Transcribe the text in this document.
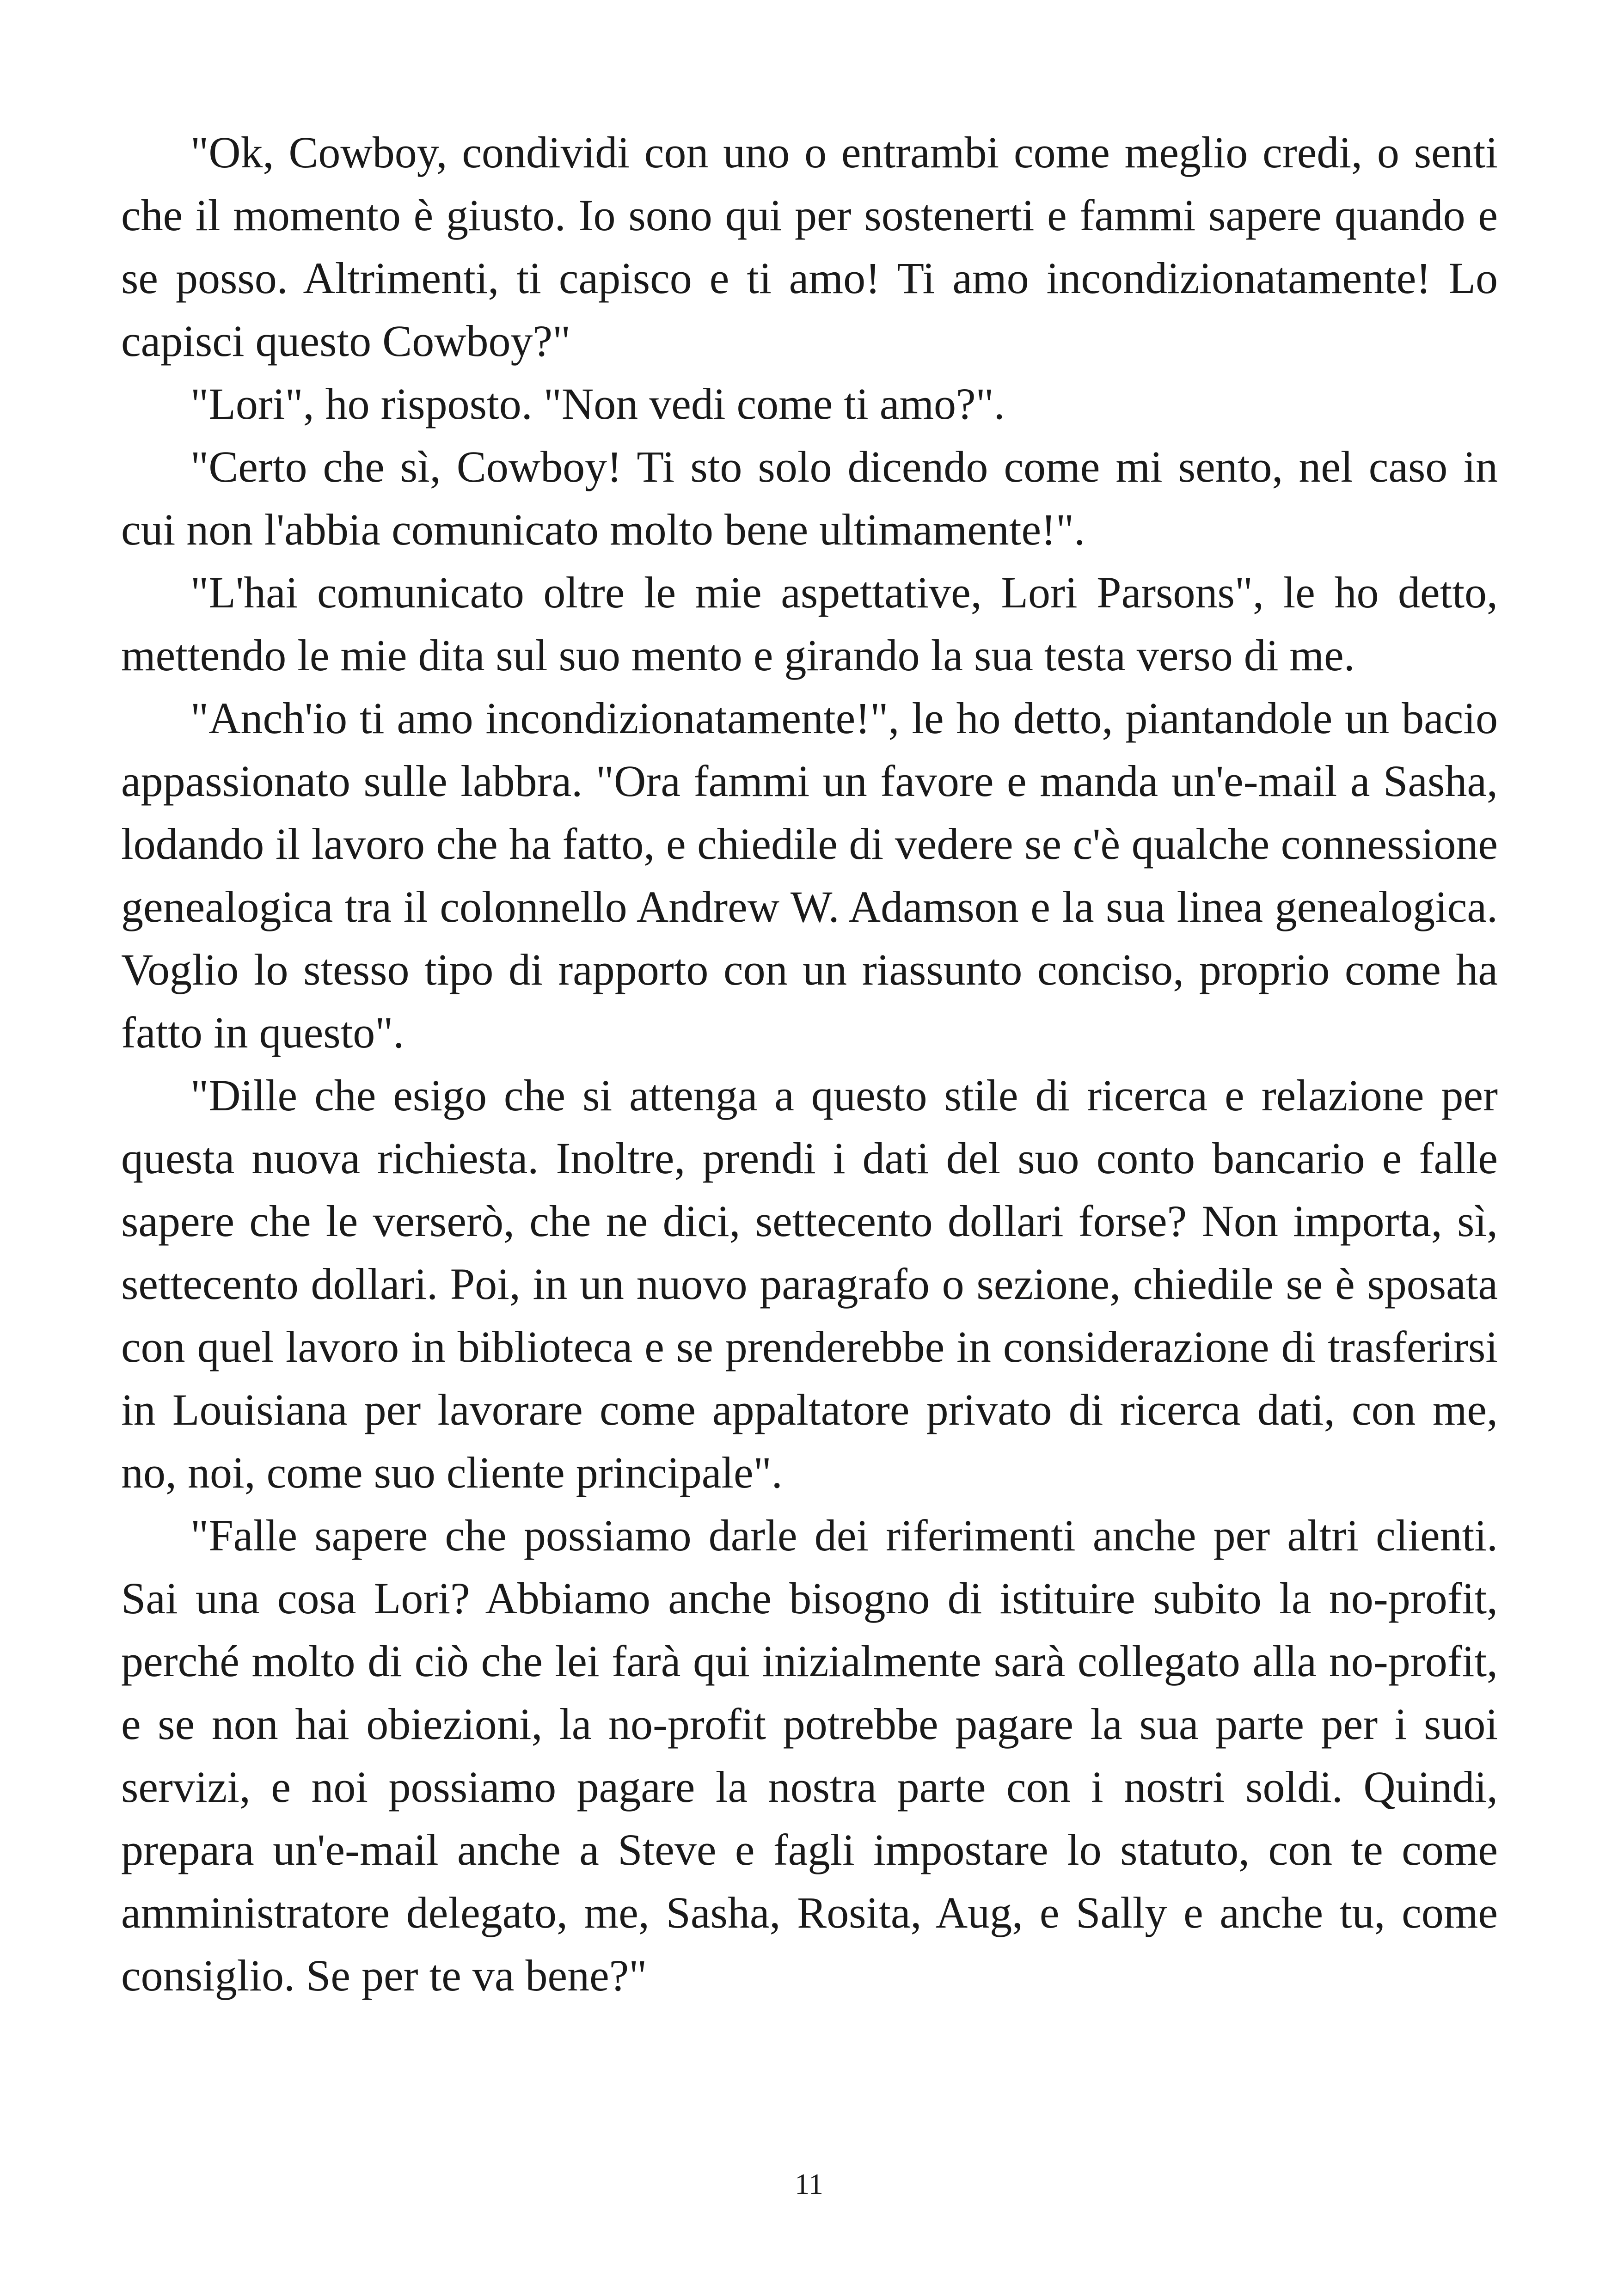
"Ok, Cowboy, condividi con uno o entrambi come meglio credi, o senti che il momento è giusto. Io sono qui per sostenerti e fammi sapere quando e se posso. Altrimenti, ti capisco e ti amo! Ti amo incondizionatamente! Lo capisci questo Cowboy?"

"Lori", ho risposto. "Non vedi come ti amo?".

"Certo che sì, Cowboy! Ti sto solo dicendo come mi sento, nel caso in cui non l'abbia comunicato molto bene ultimamente!".

"L'hai comunicato oltre le mie aspettative, Lori Parsons", le ho detto, mettendo le mie dita sul suo mento e girando la sua testa verso di me.

"Anch'io ti amo incondizionatamente!", le ho detto, piantandole un bacio appassionato sulle labbra. "Ora fammi un favore e manda un'e-mail a Sasha, lodando il lavoro che ha fatto, e chiedile di vedere se c'è qualche connessione genealogica tra il colonnello Andrew W. Adamson e la sua linea genealogica. Voglio lo stesso tipo di rapporto con un riassunto conciso, proprio come ha fatto in questo".

"Dille che esigo che si attenga a questo stile di ricerca e relazione per questa nuova richiesta. Inoltre, prendi i dati del suo conto bancario e falle sapere che le verserò, che ne dici, settecento dollari forse? Non importa, sì, settecento dollari. Poi, in un nuovo paragrafo o sezione, chiedile se è sposata con quel lavoro in biblioteca e se prenderebbe in considerazione di trasferirsi in Louisiana per lavorare come appaltatore privato di ricerca dati, con me, no, noi, come suo cliente principale".

"Falle sapere che possiamo darle dei riferimenti anche per altri clienti. Sai una cosa Lori? Abbiamo anche bisogno di istituire subito la no-profit, perché molto di ciò che lei farà qui inizialmente sarà collegato alla no-profit, e se non hai obiezioni, la no-profit potrebbe pagare la sua parte per i suoi servizi, e noi possiamo pagare la nostra parte con i nostri soldi. Quindi, prepara un'e-mail anche a Steve e fagli impostare lo statuto, con te come amministratore delegato, me, Sasha, Rosita, Aug, e Sally e anche tu, come consiglio. Se per te va bene?"

11
